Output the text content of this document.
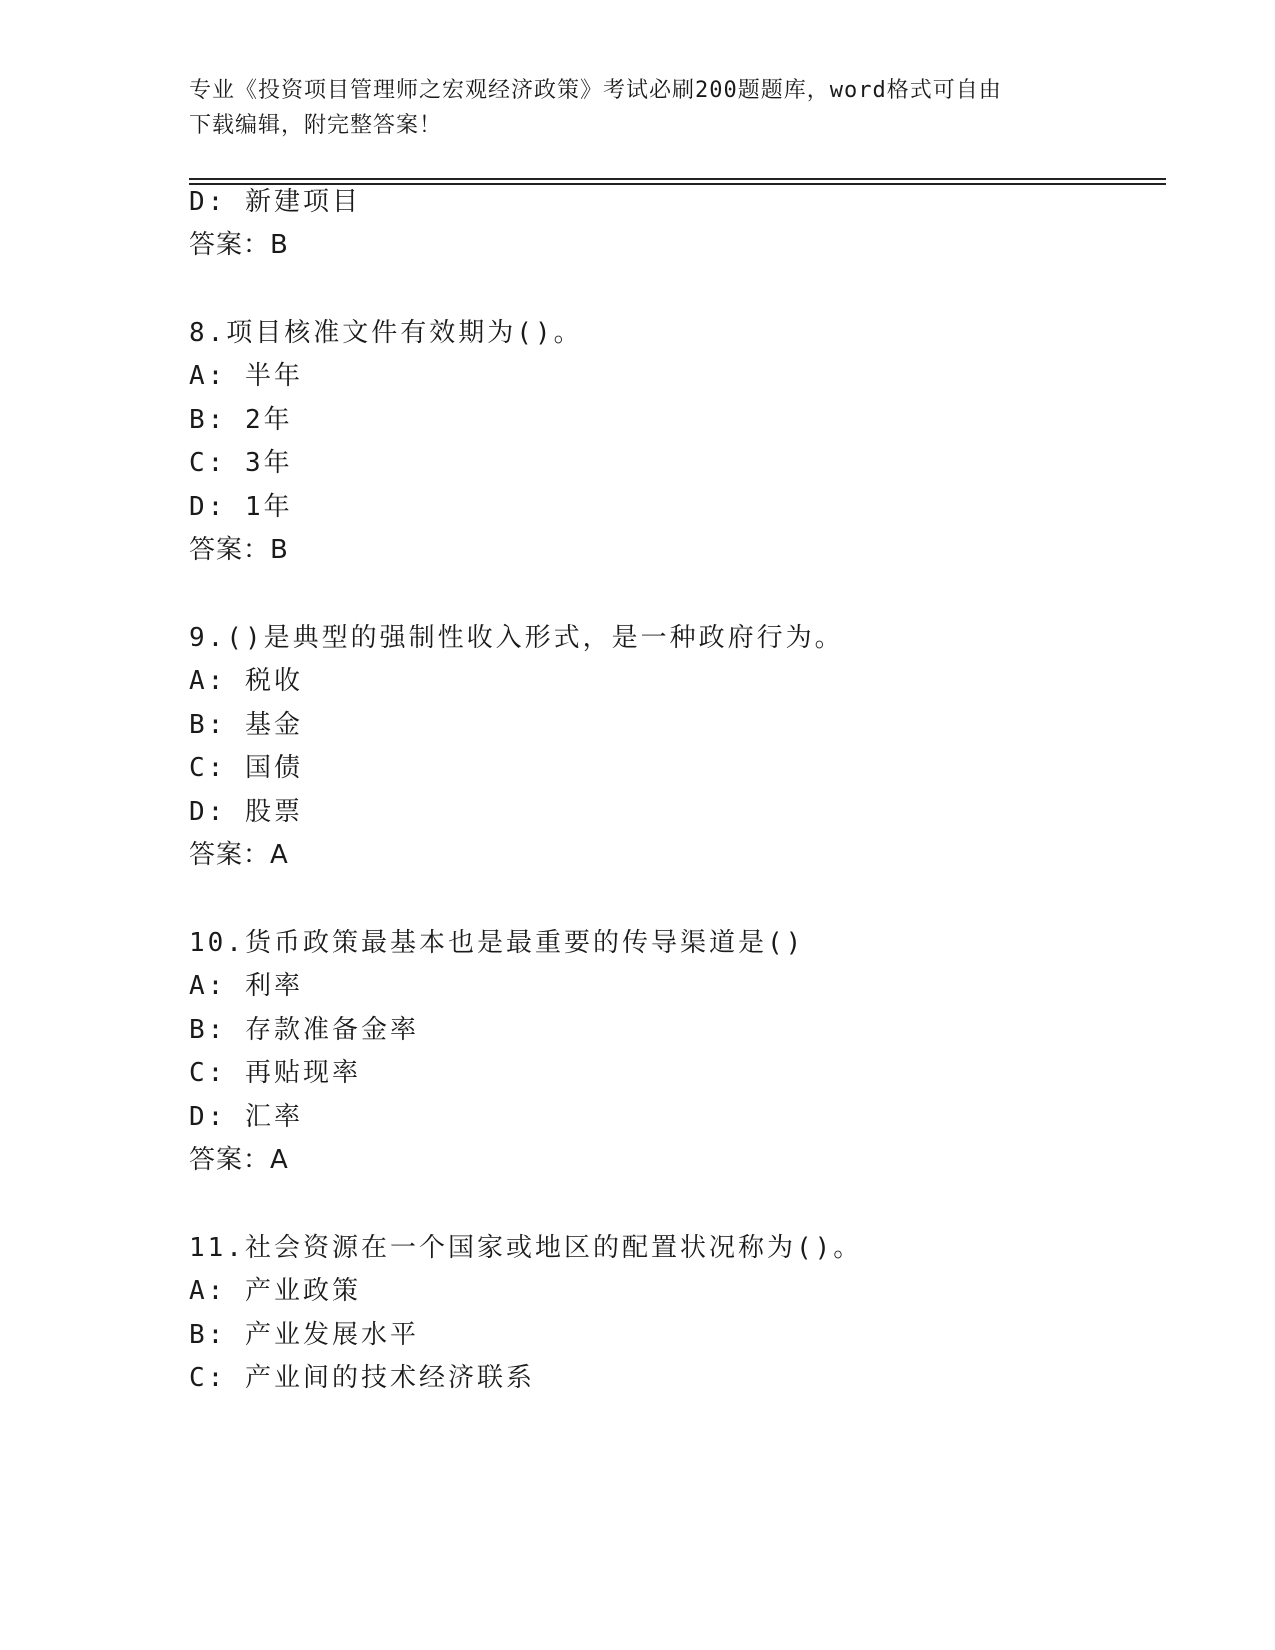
专业《投资项目管理师之宏观经济政策》考试必刷200题题库，word格式可自由
下载编辑，附完整答案！
D: 新建项目
答案：B
8.项目核准文件有效期为()。
A: 半年
B: 2年
C: 3年
D: 1年
答案：B
9.()是典型的强制性收入形式，是一种政府行为。
A: 税收
B: 基金
C: 国债
D: 股票
答案：A
10.货币政策最基本也是最重要的传导渠道是()
A: 利率
B: 存款准备金率
C: 再贴现率
D: 汇率
答案：A
11.社会资源在一个国家或地区的配置状况称为()。
A: 产业政策
B: 产业发展水平
C: 产业间的技术经济联系
